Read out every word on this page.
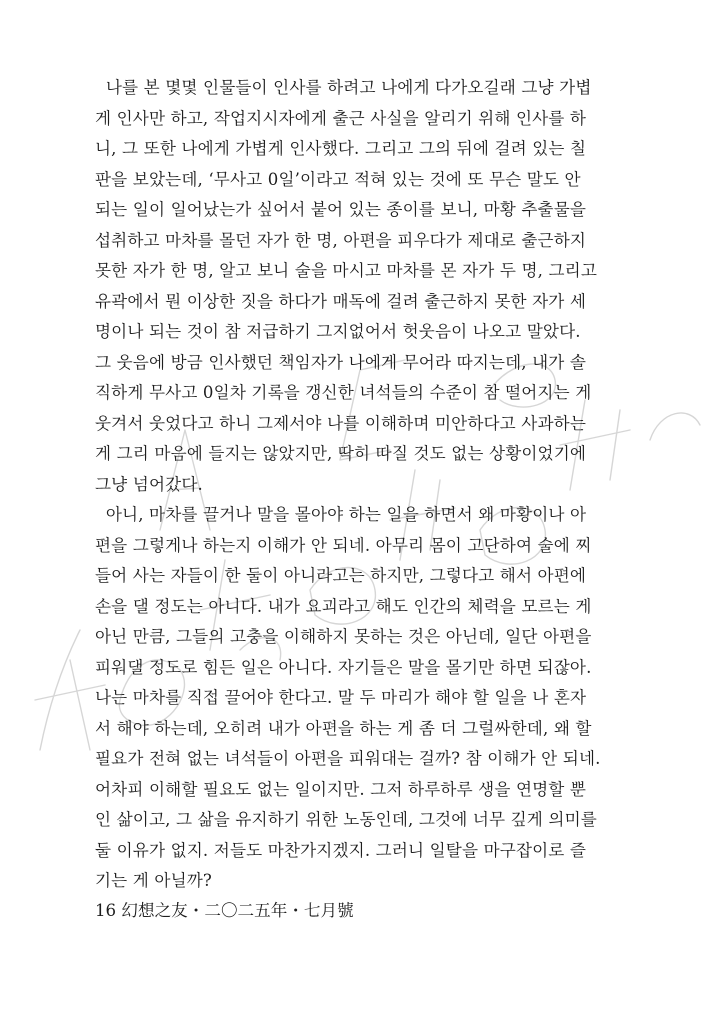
나를 본 몇몇 인물들이 인사를 하려고 나에게 다가오길래 그냥 가볍
게 인사만 하고, 작업지시자에게 출근 사실을 알리기 위해 인사를 하
니, 그 또한 나에게 가볍게 인사했다. 그리고 그의 뒤에 걸려 있는 칠
판을 보았는데, ‘무사고 0일’이라고 적혀 있는 것에 또 무슨 말도 안
되는 일이 일어났는가 싶어서 붙어 있는 종이를 보니, 마황 추출물을
섭취하고 마차를 몰던 자가 한 명, 아편을 피우다가 제대로 출근하지
못한 자가 한 명, 알고 보니 술을 마시고 마차를 몬 자가 두 명, 그리고
유곽에서 뭔 이상한 짓을 하다가 매독에 걸려 출근하지 못한 자가 세
명이나 되는 것이 참 저급하기 그지없어서 헛웃음이 나오고 말았다.
그 웃음에 방금 인사했던 책임자가 나에게 무어라 따지는데, 내가 솔
직하게 무사고 0일차 기록을 갱신한 녀석들의 수준이 참 떨어지는 게
웃겨서 웃었다고 하니 그제서야 나를 이해하며 미안하다고 사과하는
게 그리 마음에 들지는 않았지만, 딱히 따질 것도 없는 상황이었기에
그냥 넘어갔다.
아니, 마차를 끌거나 말을 몰아야 하는 일을 하면서 왜 마황이나 아
편을 그렇게나 하는지 이해가 안 되네. 아무리 몸이 고단하여 술에 찌
들어 사는 자들이 한 둘이 아니라고는 하지만, 그렇다고 해서 아편에
손을 댈 정도는 아니다. 내가 요괴라고 해도 인간의 체력을 모르는 게
아닌 만큼, 그들의 고충을 이해하지 못하는 것은 아닌데, 일단 아편을
피워댈 정도로 힘든 일은 아니다. 자기들은 말을 몰기만 하면 되잖아.
나는 마차를 직접 끌어야 한다고. 말 두 마리가 해야 할 일을 나 혼자
서 해야 하는데, 오히려 내가 아편을 하는 게 좀 더 그럴싸한데, 왜 할
필요가 전혀 없는 녀석들이 아편을 피워대는 걸까? 참 이해가 안 되네.
어차피 이해할 필요도 없는 일이지만. 그저 하루하루 생을 연명할 뿐
인 삶이고, 그 삶을 유지하기 위한 노동인데, 그것에 너무 깊게 의미를
둘 이유가 없지. 저들도 마찬가지겠지. 그러니 일탈을 마구잡이로 즐
기는 게 아닐까?
16 幻想之友・二〇二五年・七月號
